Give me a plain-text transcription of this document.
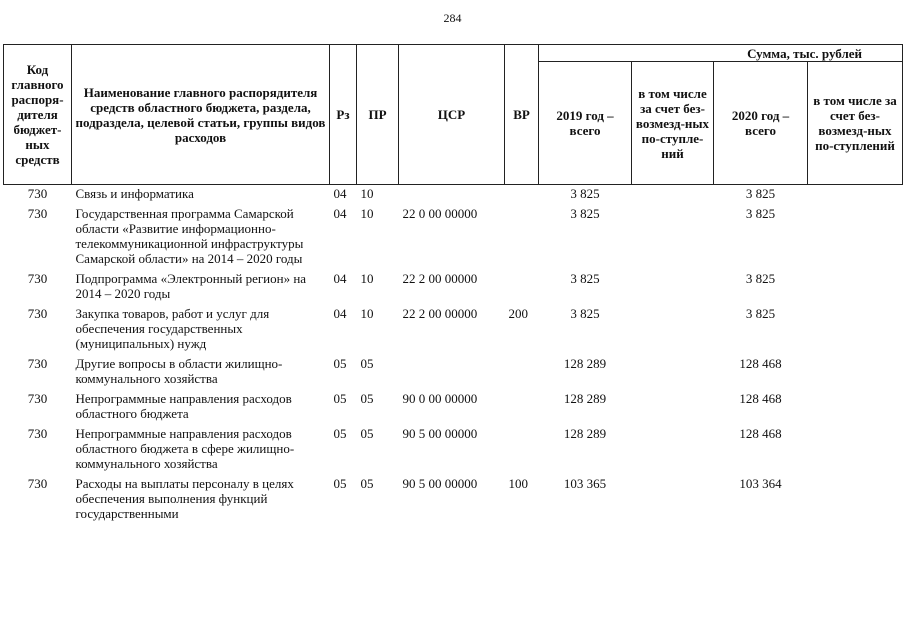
284
Код главного распоря-дителя бюджет-ных средств	Наименование главного распорядителя средств областного бюджета, раздела, подраздела, целевой статьи, группы видов расходов	Рз	ПР	ЦСР	ВР	Сумма, тыс. рублей			
						2019 год – всего	в том числе за счет без-возмезд-ных по-ступле-ний	2020 год – всего	в том числе за счет без-возмезд-ных по-ступлений
730	Связь и информатика	04	10			3 825		3 825	
730	Государственная программа Самарской области «Развитие информационно-телекоммуникационной инфраструктуры Самарской области» на 2014 – 2020 годы	04	10	22 0 00 00000		3 825		3 825	
730	Подпрограмма «Электронный регион» на 2014 – 2020 годы	04	10	22 2 00 00000		3 825		3 825	
730	Закупка товаров, работ и услуг для обеспечения государственных (муниципальных) нужд	04	10	22 2 00 00000	200	3 825		3 825	
730	Другие вопросы в области жилищно-коммунального хозяйства	05	05			128 289		128 468	
730	Непрограммные направления расходов областного бюджета	05	05	90 0 00 00000		128 289		128 468	
730	Непрограммные направления расходов областного бюджета в сфере жилищно-коммунального хозяйства	05	05	90 5 00 00000		128 289		128 468	
730	Расходы на выплаты персоналу в целях обеспечения выполнения функций государственными	05	05	90 5 00 00000	100	103 365		103 364	
